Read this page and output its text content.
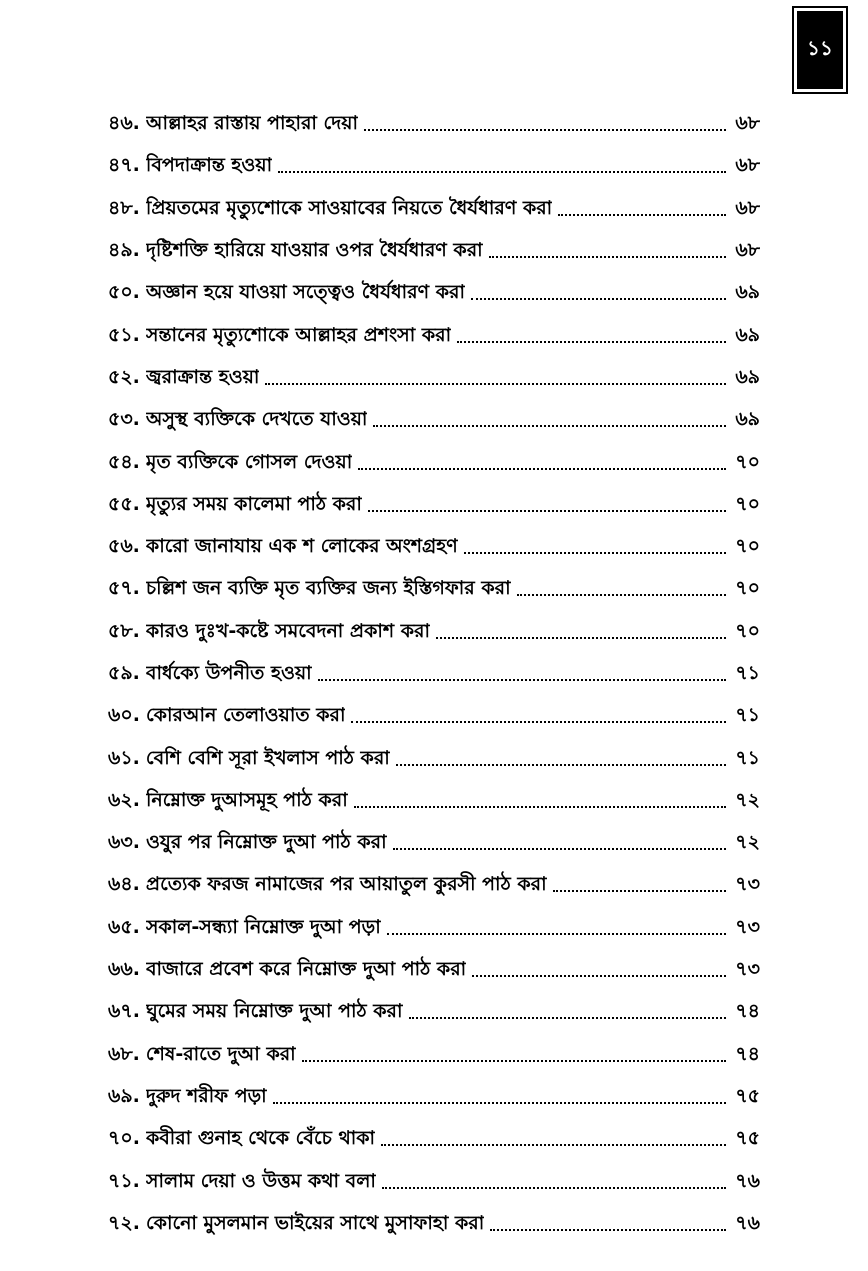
১১
৪৬. আল্লাহর রাস্তায় পাহারা দেয়া	৬৮
৪৭. বিপদাক্রান্ত হওয়া	৬৮
৪৮. প্রিয়তমের মৃত্যুশোকে সাওয়াবের নিয়তে ধৈর্যধারণ করা	৬৮
৪৯. দৃষ্টিশক্তি হারিয়ে যাওয়ার ওপর ধৈর্যধারণ করা	৬৮
৫০. অজ্ঞান হয়ে যাওয়া সত্ত্বেও ধৈর্যধারণ করা	৬৯
৫১. সন্তানের মৃত্যুশোকে আল্লাহর প্রশংসা করা	৬৯
৫২. জ্বরাক্রান্ত হওয়া	৬৯
৫৩. অসুস্থ ব্যক্তিকে দেখতে যাওয়া	৬৯
৫৪. মৃত ব্যক্তিকে গোসল দেওয়া	৭০
৫৫. মৃত্যুর সময় কালেমা পাঠ করা	৭০
৫৬. কারো জানাযায় এক শ লোকের অংশগ্রহণ	৭০
৫৭. চল্লিশ জন ব্যক্তি মৃত ব্যক্তির জন্য ইস্তিগফার করা	৭০
৫৮. কারও দুঃখ-কষ্টে সমবেদনা প্রকাশ করা	৭০
৫৯. বার্ধক্যে উপনীত হওয়া	৭১
৬০. কোরআন তেলাওয়াত করা	৭১
৬১. বেশি বেশি সূরা ইখলাস পাঠ করা	৭১
৬২. নিম্নোক্ত দুআসমূহ পাঠ করা	৭২
৬৩. ওযুর পর নিম্নোক্ত দুআ পাঠ করা	৭২
৬৪. প্রত্যেক ফরজ নামাজের পর আয়াতুল কুরসী পাঠ করা	৭৩
৬৫. সকাল-সন্ধ্যা নিম্নোক্ত দুআ পড়া	৭৩
৬৬. বাজারে প্রবেশ করে নিম্নোক্ত দুআ পাঠ করা	৭৩
৬৭. ঘুমের সময় নিম্নোক্ত দুআ পাঠ করা	৭৪
৬৮. শেষ-রাতে দুআ করা	৭৪
৬৯. দুরুদ শরীফ পড়া	৭৫
৭০. কবীরা গুনাহ থেকে বেঁচে থাকা	৭৫
৭১. সালাম দেয়া ও উত্তম কথা বলা	৭৬
৭২. কোনো মুসলমান ভাইয়ের সাথে মুসাফাহা করা	৭৬
